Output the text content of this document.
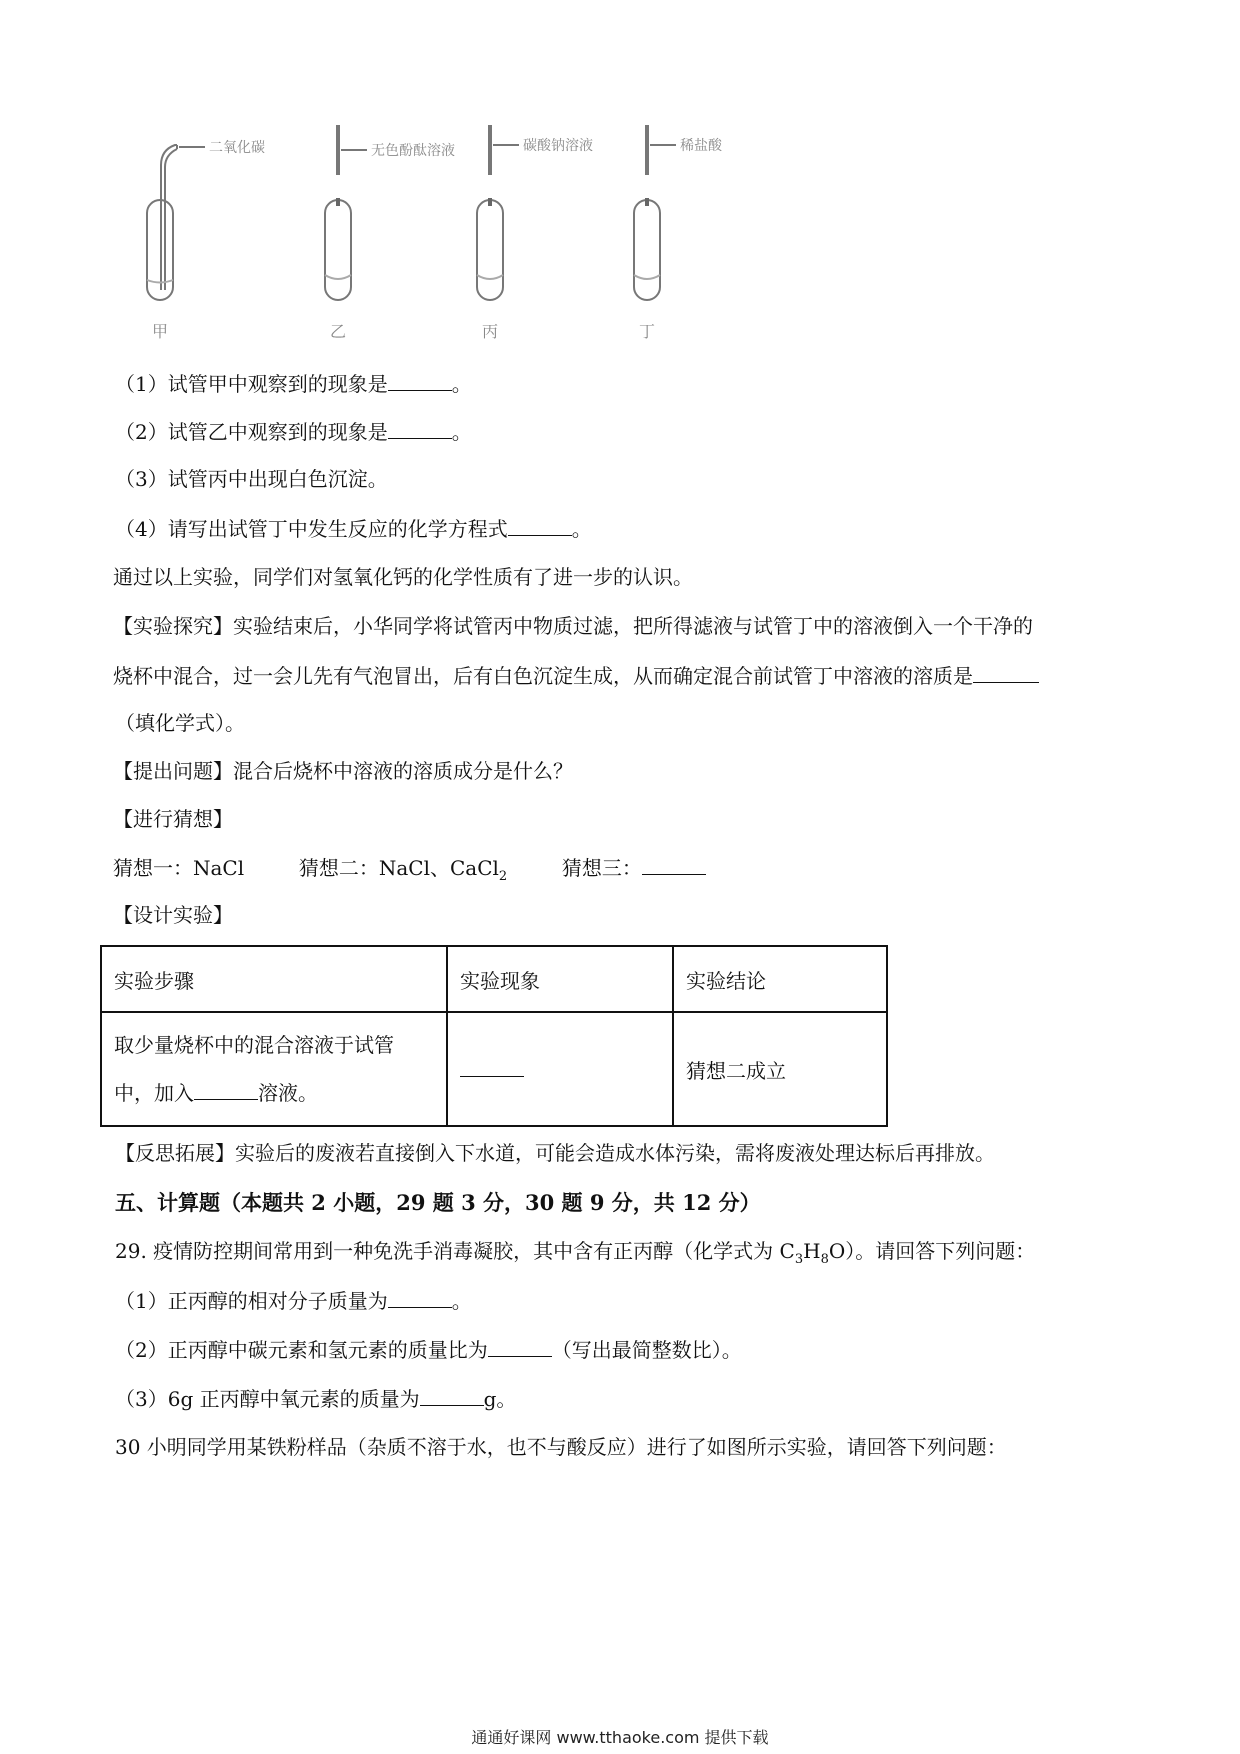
二氧化碳	无色酚酞溶液	碳酸钠溶液	稀盐酸
甲	乙	丙	丁
（1）试管甲中观察到的现象是	。
（2）试管乙中观察到的现象是	。
（3）试管丙中出现白色沉淀。
（4）请写出试管丁中发生反应的化学方程式	。
通过以上实验，同学们对氢氧化钙的化学性质有了进一步的认识。
【实验探究】实验结束后，小华同学将试管丙中物质过滤，把所得滤液与试管丁中的溶液倒入一个干净的
烧杯中混合，过一会儿先有气泡冒出，后有白色沉淀生成，从而确定混合前试管丁中溶液的溶质是
（填化学式）。
【提出问题】混合后烧杯中溶液的溶质成分是什么？
【进行猜想】
猜想一：NaCl	猜想二：NaCl、CaCl$_2$	猜想三：
【设计实验】
实验步骤	实验现象	实验结论

取少量烧杯中的混合溶液于试管
中，加入 溶液。		猜想二成立
【反思拓展】实验后的废液若直接倒入下水道，可能会造成水体污染，需将废液处理达标后再排放。
五、计算题（本题共 2 小题，29 题 3 分，30 题 9 分，共 12 分）
29. 疫情防控期间常用到一种免洗手消毒凝胶，其中含有正丙醇（化学式为 $C_3H_8O$）。请回答下列问题：
（1）正丙醇的相对分子质量为	。
（2）正丙醇中碳元素和氢元素的质量比为	（写出最简整数比）。
（3）6g 正丙醇中氧元素的质量为	g。
30 小明同学用某铁粉样品（杂质不溶于水，也不与酸反应）进行了如图所示实验，请回答下列问题：
通通好课网 www.tthaoke.com 提供下载
